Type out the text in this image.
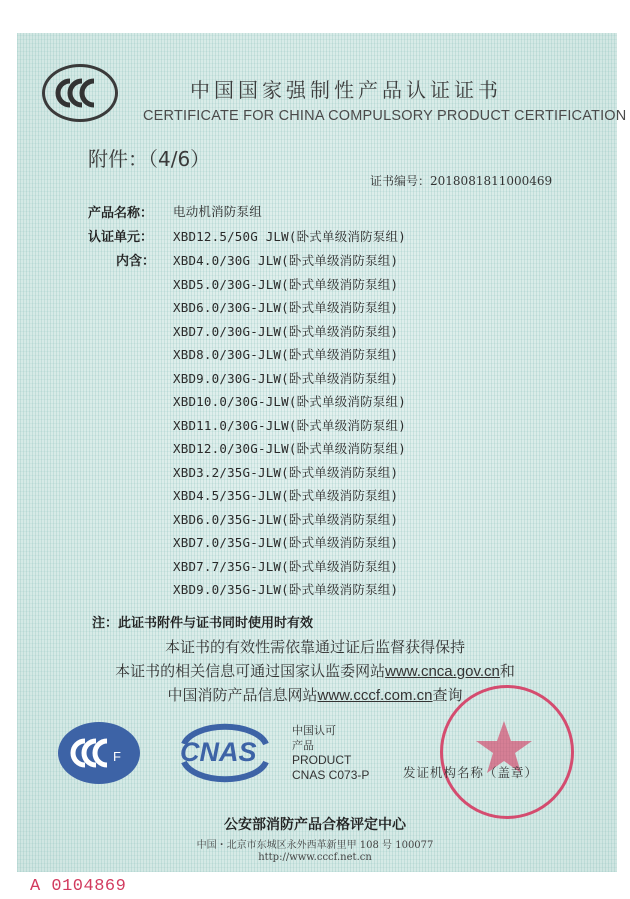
中国国家强制性产品认证证书
CERTIFICATE FOR CHINA COMPULSORY PRODUCT CERTIFICATION
附件：（4/6）
证书编号：2018081811000469
产品名称： 电动机消防泵组
认证单元： XBD12.5/50G JLW(卧式单级消防泵组)
内含： XBD4.0/30G JLW(卧式单级消防泵组)
XBD5.0/30G-JLW(卧式单级消防泵组)
XBD6.0/30G-JLW(卧式单级消防泵组)
XBD7.0/30G-JLW(卧式单级消防泵组)
XBD8.0/30G-JLW(卧式单级消防泵组)
XBD9.0/30G-JLW(卧式单级消防泵组)
XBD10.0/30G-JLW(卧式单级消防泵组)
XBD11.0/30G-JLW(卧式单级消防泵组)
XBD12.0/30G-JLW(卧式单级消防泵组)
XBD3.2/35G-JLW(卧式单级消防泵组)
XBD4.5/35G-JLW(卧式单级消防泵组)
XBD6.0/35G-JLW(卧式单级消防泵组)
XBD7.0/35G-JLW(卧式单级消防泵组)
XBD7.7/35G-JLW(卧式单级消防泵组)
XBD9.0/35G-JLW(卧式单级消防泵组)
注：此证书附件与证书同时使用时有效
本证书的有效性需依靠通过证后监督获得保持
本证书的相关信息可通过国家认监委网站www.cnca.gov.cn和
中国消防产品信息网站www.cccf.com.cn查询
F CNAS
中国认可
产品
PRODUCT
CNAS C073-P	发证机构名称（盖章）
公安部消防产品合格评定中心
中国・北京市东城区永外西革新里甲 108 号 100077
http://www.cccf.net.cn
A 0104869
